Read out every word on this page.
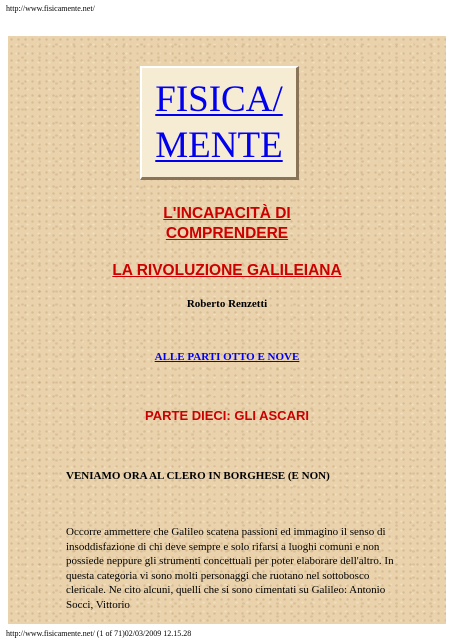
http://www.fisicamente.net/
FISICA/
MENTE
L'INCAPACITÀ DI
COMPRENDERE
LA RIVOLUZIONE GALILEIANA
Roberto Renzetti
ALLE PARTI OTTO E NOVE
PARTE DIECI: GLI ASCARI
VENIAMO ORA AL CLERO IN BORGHESE (E NON)

Occorre ammettere che Galileo scatena passioni ed immagino il senso di insoddisfazione di chi deve sempre e solo rifarsi a luoghi comuni e non possiede neppure gli strumenti concettuali per poter elaborare dell'altro. In questa categoria vi sono molti personaggi che ruotano nel sottobosco clericale. Ne cito alcuni, quelli che si sono cimentati su Galileo: Antonio Socci, Vittorio

http://www.fisicamente.net/ (1 of 71)02/03/2009 12.15.28
